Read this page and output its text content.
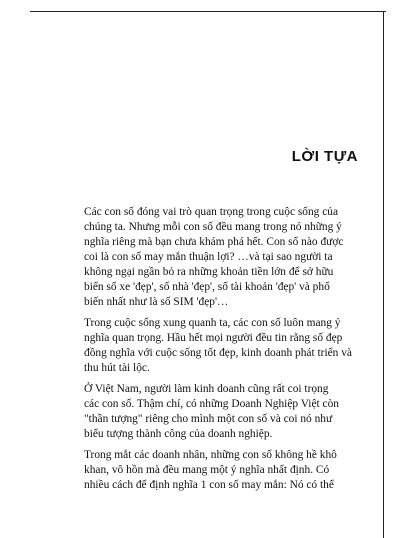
LỜI TỰA

Các con số đóng vai trò quan trọng trong cuộc sống của
chúng ta. Nhưng mỗi con số đều mang trong nó những ý
nghĩa riêng mà bạn chưa khám phá hết. Con số nào được
coi là con số may mắn thuận lợi? …và tại sao người ta
không ngại ngần bỏ ra những khoản tiền lớn để sở hữu
biển số xe 'đẹp', số nhà 'đẹp', số tài khoản 'đẹp' và phổ
biến nhất như là số SIM 'đẹp'…

Trong cuộc sống xung quanh ta, các con số luôn mang ý
nghĩa quan trọng. Hầu hết mọi người đều tin rằng số đẹp
đồng nghĩa với cuộc sống tốt đẹp, kinh doanh phát triển và
thu hút tài lộc.

Ở Việt Nam, người làm kinh doanh cũng rất coi trọng
các con số. Thậm chí, có những Doanh Nghiệp Việt còn
"thần tượng" riêng cho mình một con số và coi nó như
biểu tượng thành công của doanh nghiệp.

Trong mắt các doanh nhân, những con số không hề khô
khan, vô hồn mà đều mang một ý nghĩa nhất định. Có
nhiều cách để định nghĩa 1 con số may mắn: Nó có thể
